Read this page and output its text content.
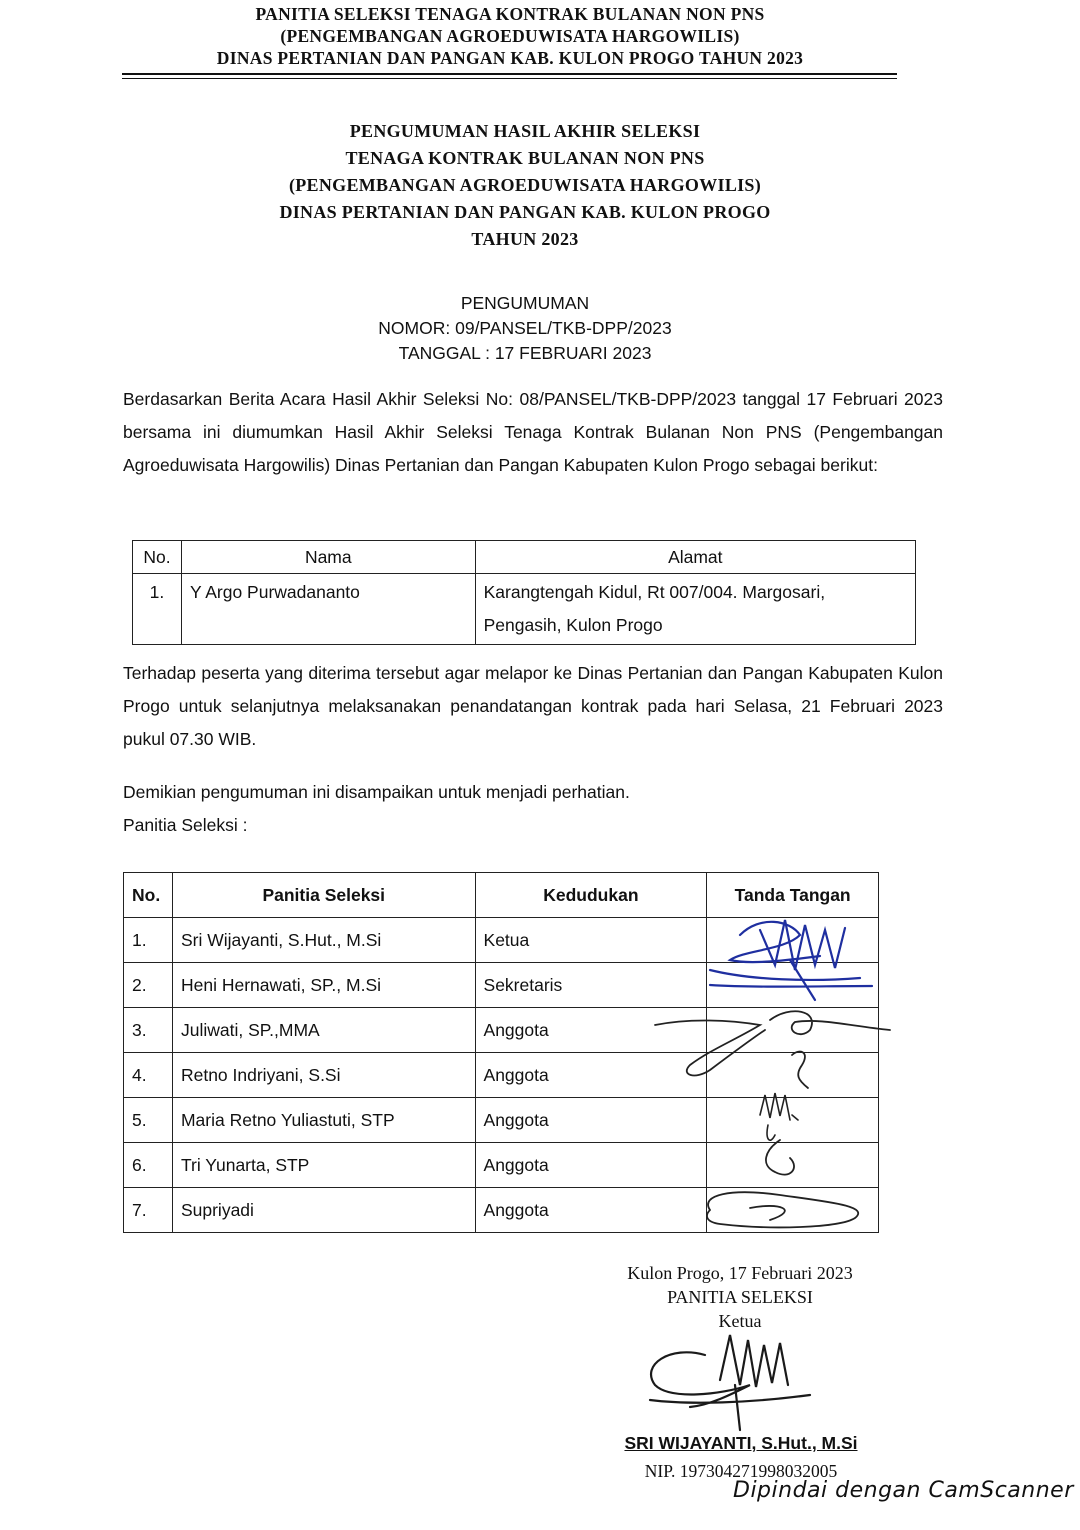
PANITIA SELEKSI TENAGA KONTRAK BULANAN NON PNS
(PENGEMBANGAN AGROEDUWISATA HARGOWILIS)
DINAS PERTANIAN DAN PANGAN KAB. KULON PROGO TAHUN 2023
PENGUMUMAN HASIL AKHIR SELEKSI
TENAGA KONTRAK BULANAN NON PNS
(PENGEMBANGAN AGROEDUWISATA HARGOWILIS)
DINAS PERTANIAN DAN PANGAN KAB. KULON PROGO
TAHUN 2023
PENGUMUMAN
NOMOR: 09/PANSEL/TKB-DPP/2023
TANGGAL : 17 FEBRUARI 2023
Berdasarkan Berita Acara Hasil Akhir Seleksi No: 08/PANSEL/TKB-DPP/2023 tanggal 17 Februari 2023 bersama ini diumumkan Hasil Akhir Seleksi Tenaga Kontrak Bulanan Non PNS (Pengembangan Agroeduwisata Hargowilis) Dinas Pertanian dan Pangan Kabupaten Kulon Progo sebagai berikut:
No.	Nama	Alamat
1.	Y Argo Purwadananto	Karangtengah Kidul, Rt 007/004. Margosari, Pengasih, Kulon Progo
Terhadap peserta yang diterima tersebut agar melapor ke Dinas Pertanian dan Pangan Kabupaten Kulon Progo untuk selanjutnya melaksanakan penandatangan kontrak pada hari Selasa, 21 Februari 2023 pukul 07.30 WIB.
Demikian pengumuman ini disampaikan untuk menjadi perhatian.
Panitia Seleksi :
No.	Panitia Seleksi	Kedudukan	Tanda Tangan
1.	Sri Wijayanti, S.Hut., M.Si	Ketua	
2.	Heni Hernawati, SP., M.Si	Sekretaris	
3.	Juliwati, SP.,MMA	Anggota	
4.	Retno Indriyani, S.Si	Anggota	
5.	Maria Retno Yuliastuti, STP	Anggota	
6.	Tri Yunarta, STP	Anggota	
7.	Supriyadi	Anggota	
Kulon Progo, 17 Februari 2023
PANITIA SELEKSI
Ketua
SRI WIJAYANTI, S.Hut., M.Si
NIP. 197304271998032005
Dipindai dengan CamScanner
